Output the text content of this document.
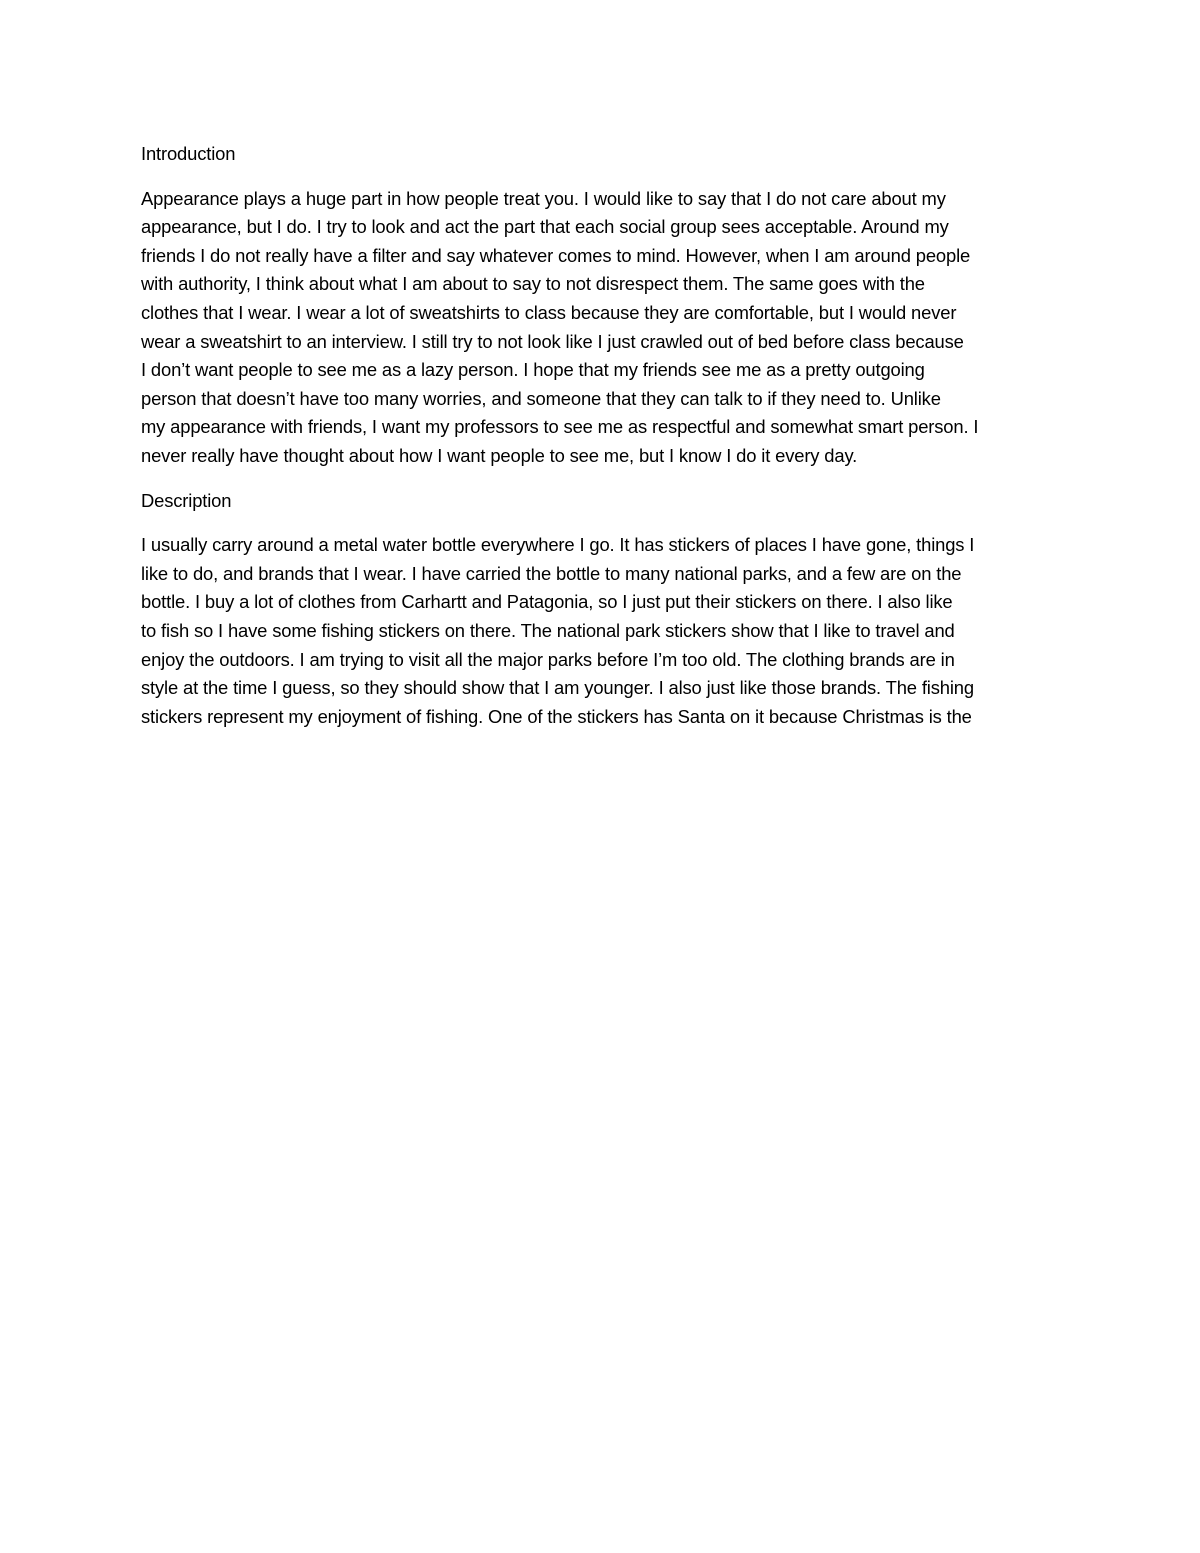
Introduction
Appearance plays a huge part in how people treat you. I would like to say that I do not care about my
appearance, but I do. I try to look and act the part that each social group sees acceptable. Around my
friends I do not really have a filter and say whatever comes to mind. However, when I am around people
with authority, I think about what I am about to say to not disrespect them. The same goes with the
clothes that I wear. I wear a lot of sweatshirts to class because they are comfortable, but I would never
wear a sweatshirt to an interview. I still try to not look like I just crawled out of bed before class because
I don’t want people to see me as a lazy person. I hope that my friends see me as a pretty outgoing
person that doesn’t have too many worries, and someone that they can talk to if they need to. Unlike
my appearance with friends, I want my professors to see me as respectful and somewhat smart person. I
never really have thought about how I want people to see me, but I know I do it every day.
Description
I usually carry around a metal water bottle everywhere I go. It has stickers of places I have gone, things I
like to do, and brands that I wear. I have carried the bottle to many national parks, and a few are on the
bottle. I buy a lot of clothes from Carhartt and Patagonia, so I just put their stickers on there. I also like
to fish so I have some fishing stickers on there. The national park stickers show that I like to travel and
enjoy the outdoors. I am trying to visit all the major parks before I’m too old. The clothing brands are in
style at the time I guess, so they should show that I am younger. I also just like those brands. The fishing
stickers represent my enjoyment of fishing. One of the stickers has Santa on it because Christmas is the
